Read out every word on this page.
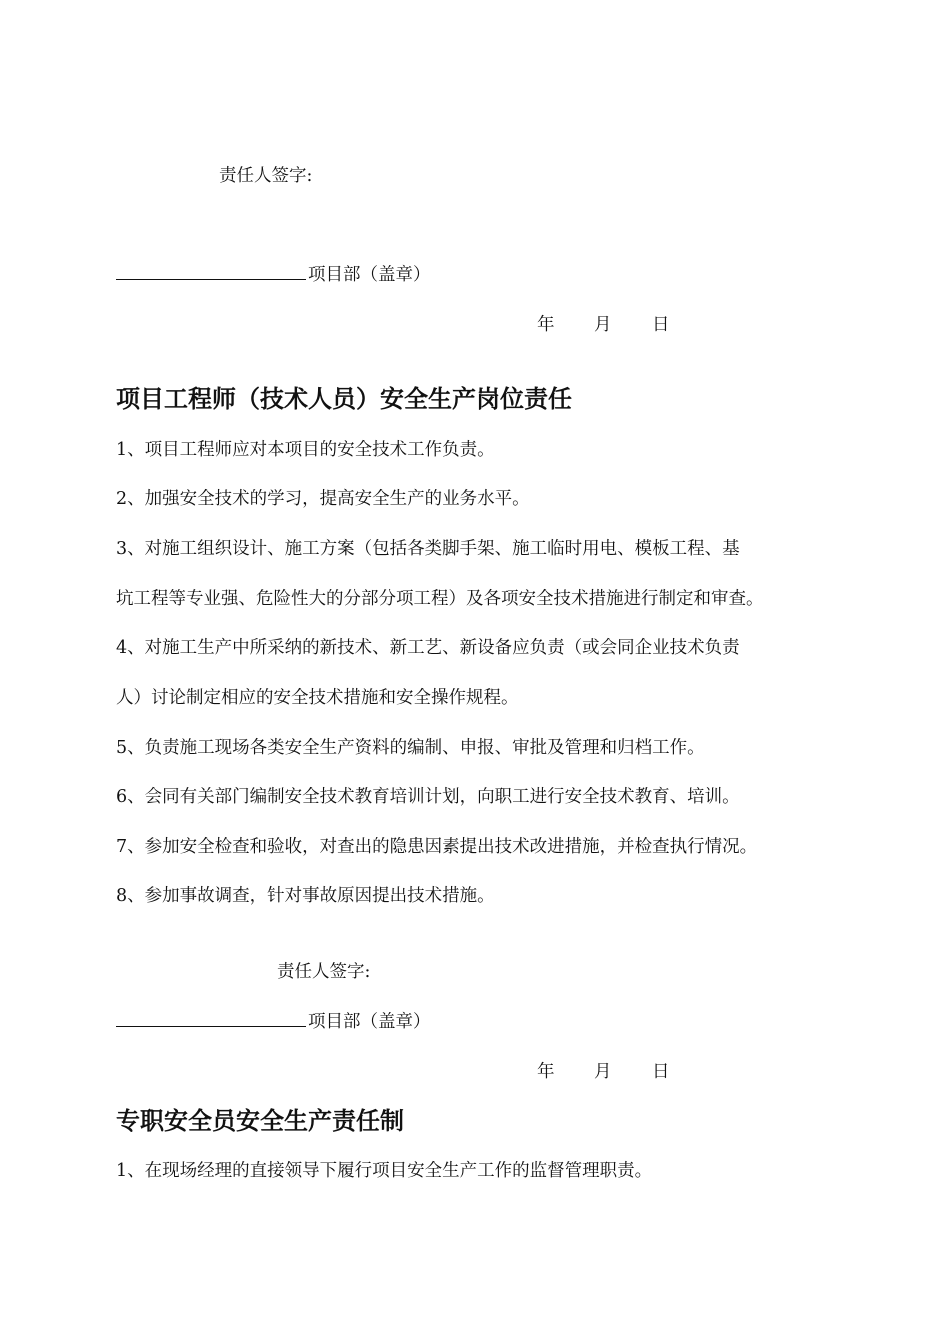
责任人签字:
项目部（盖章）
年 月 日
项目工程师（技术人员）安全生产岗位责任
1、项目工程师应对本项目的安全技术工作负责。
2、加强安全技术的学习，提高安全生产的业务水平。
3、对施工组织设计、施工方案（包括各类脚手架、施工临时用电、模板工程、基
坑工程等专业强、危险性大的分部分项工程）及各项安全技术措施进行制定和审查。
4、对施工生产中所采纳的新技术、新工艺、新设备应负责（或会同企业技术负责
人）讨论制定相应的安全技术措施和安全操作规程。
5、负责施工现场各类安全生产资料的编制、申报、审批及管理和归档工作。
6、会同有关部门编制安全技术教育培训计划，向职工进行安全技术教育、培训。
7、参加安全检查和验收，对查出的隐患因素提出技术改进措施，并检查执行情况。
8、参加事故调查，针对事故原因提出技术措施。
责任人签字:
项目部（盖章）
年 月 日
专职安全员安全生产责任制
1、在现场经理的直接领导下履行项目安全生产工作的监督管理职责。
